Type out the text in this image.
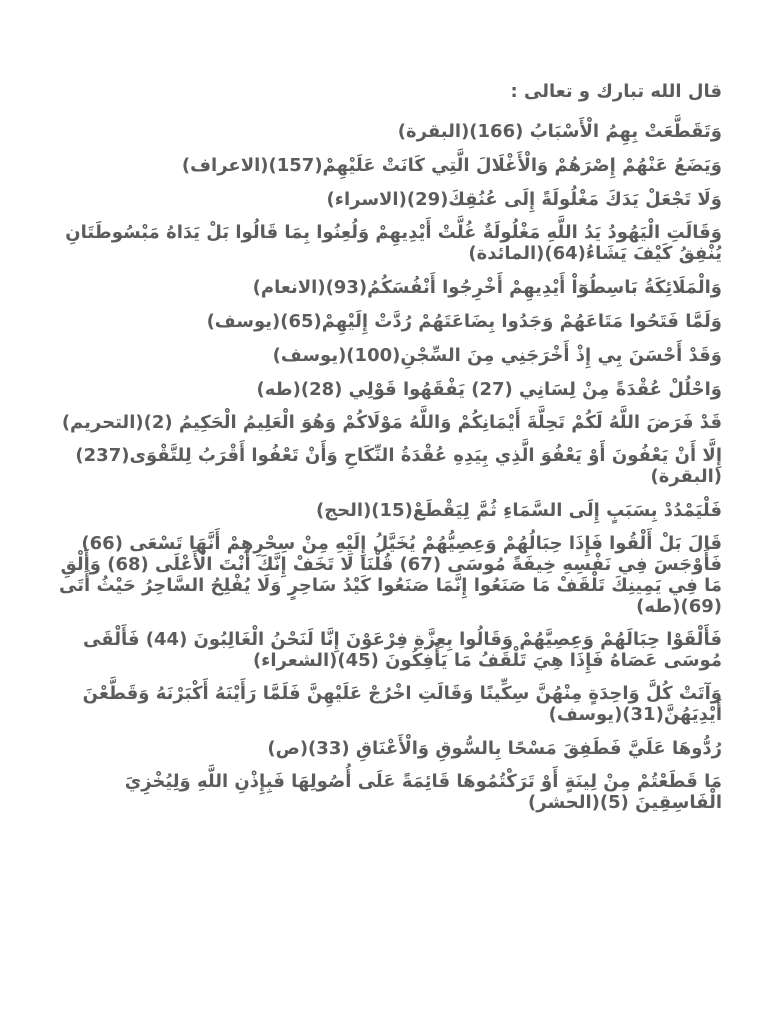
قال الله تبارك و تعالى :

وَتَقَطَّعَتْ بِهِمُ الْأَسْبَابُ (166)(البقرة)
وَيَضَعُ عَنْهُمْ إِصْرَهُمْ وَالْأَغْلَالَ الَّتِي كَانَتْ عَلَيْهِمْ(157)(الاعراف)
وَلَا تَجْعَلْ يَدَكَ مَغْلُولَةً إِلَى عُنُقِكَ(29)(الاسراء)
وَقَالَتِ الْيَهُودُ يَدُ اللَّهِ مَغْلُولَةٌ غُلَّتْ أَيْدِيهِمْ وَلُعِنُوا بِمَا قَالُوا بَلْ يَدَاهُ مَبْسُوطَتَانِ يُنْفِقُ كَيْفَ يَشَاءُ(64)(المائدة)
وَالْمَلَائِكَةُ بَاسِطُوٓاْ أَيْدِيهِمْ أَخْرِجُوا أَنْفُسَكُمُ(93)(الانعام)
وَلَمَّا فَتَحُوا مَتَاعَهُمْ وَجَدُوا بِضَاعَتَهُمْ رُدَّتْ إِلَيْهِمْ(65)(يوسف)
وَقَدْ أَحْسَنَ بِي إِذْ أَخْرَجَنِي مِنَ السِّجْنِ(100)(يوسف)
وَاحْلُلْ عُقْدَةً مِنْ لِسَانِي (27) يَفْقَهُوا قَوْلِي (28)(طه)
قَدْ فَرَضَ اللَّهُ لَكُمْ تَحِلَّةَ أَيْمَانِكُمْ وَاللَّهُ مَوْلَاكُمْ وَهُوَ الْعَلِيمُ الْحَكِيمُ (2)(التحريم)
إِلَّا أَنْ يَعْفُونَ أَوْ يَعْفُوَ الَّذِي بِيَدِهِ عُقْدَةُ النِّكَاحِ وَأَنْ تَعْفُوا أَقْرَبُ لِلتَّقْوَى(237)(البقرة)
فَلْيَمْدُدْ بِسَبَبٍ إِلَى السَّمَاءِ ثُمَّ لِيَقْطَعْ(15)(الحج)
قَالَ بَلْ أَلْقُوا فَإِذَا حِبَالُهُمْ وَعِصِيُّهُمْ يُخَيَّلُ إِلَيْهِ مِنْ سِحْرِهِمْ أَنَّهَا تَسْعَى (66) فَأَوْجَسَ فِي نَفْسِهِ خِيفَةً مُوسَى (67) قُلْنَا لَا تَخَفْ إِنَّكَ أَنْتَ الْأَعْلَى (68) وَأَلْقِ مَا فِي يَمِينِكَ تَلْقَفْ مَا صَنَعُوا إِنَّمَا صَنَعُوا كَيْدُ سَاحِرٍ وَلَا يُفْلِحُ السَّاحِرُ حَيْثُ أَتَى (69)(طه)
فَأَلْقَوْا حِبَالَهُمْ وَعِصِيَّهُمْ وَقَالُوا بِعِزَّةِ فِرْعَوْنَ إِنَّا لَنَحْنُ الْغَالِبُونَ (44) فَأَلْقَى مُوسَى عَصَاهُ فَإِذَا هِيَ تَلْقَفُ مَا يَأْفِكُونَ (45)(الشعراء)
وَآتَتْ كُلَّ وَاحِدَةٍ مِنْهُنَّ سِكِّينًا وَقَالَتِ اخْرُجْ عَلَيْهِنَّ فَلَمَّا رَأَيْنَهُ أَكْبَرْنَهُ وَقَطَّعْنَ أَيْدِيَهُنَّ(31)(يوسف)
رُدُّوهَا عَلَيَّ فَطَفِقَ مَسْحًا بِالسُّوقِ وَالْأَعْنَاقِ (33)(ص)
مَا قَطَعْتُمْ مِنْ لِينَةٍ أَوْ تَرَكْتُمُوهَا قَائِمَةً عَلَى أُصُولِهَا فَبِإِذْنِ اللَّهِ وَلِيُخْزِيَ الْفَاسِقِينَ (5)(الحشر)
